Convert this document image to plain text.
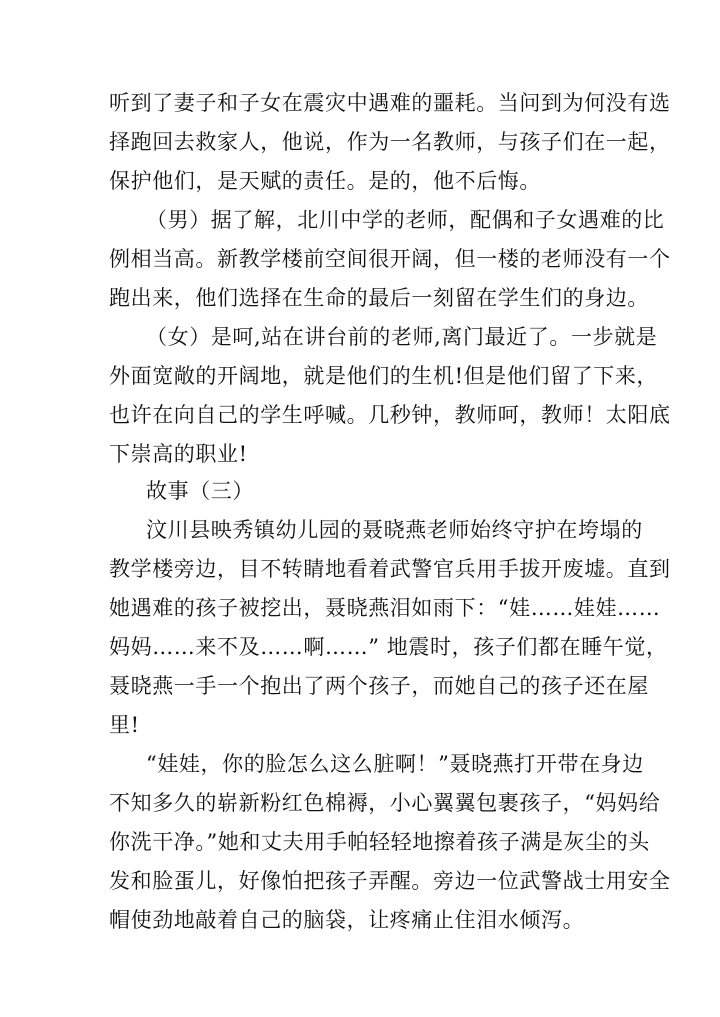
听到了妻子和子女在震灾中遇难的噩耗。当问到为何没有选
择跑回去救家人，他说，作为一名教师，与孩子们在一起，
保护他们，是天赋的责任。是的，他不后悔。
（男）据了解，北川中学的老师，配偶和子女遇难的比
例相当高。新教学楼前空间很开阔，但一楼的老师没有一个
跑出来，他们选择在生命的最后一刻留在学生们的身边。
（女）是呵,站在讲台前的老师,离门最近了。一步就是
外面宽敞的开阔地，就是他们的生机!但是他们留了下来，
也许在向自己的学生呼喊。几秒钟，教师呵，教师！太阳底
下崇高的职业!
故事（三）
汶川县映秀镇幼儿园的聂晓燕老师始终守护在垮塌的
教学楼旁边，目不转睛地看着武警官兵用手拔开废墟。直到
她遇难的孩子被挖出，聂晓燕泪如雨下：“娃……娃娃……
妈妈……来不及……啊……” 地震时，孩子们都在睡午觉，
聂晓燕一手一个抱出了两个孩子，而她自己的孩子还在屋
里!
“娃娃，你的脸怎么这么脏啊！”聂晓燕打开带在身边
不知多久的崭新粉红色棉褥，小心翼翼包裹孩子，“妈妈给
你洗干净。”她和丈夫用手帕轻轻地擦着孩子满是灰尘的头
发和脸蛋儿，好像怕把孩子弄醒。旁边一位武警战士用安全
帽使劲地敲着自己的脑袋，让疼痛止住泪水倾泻。
